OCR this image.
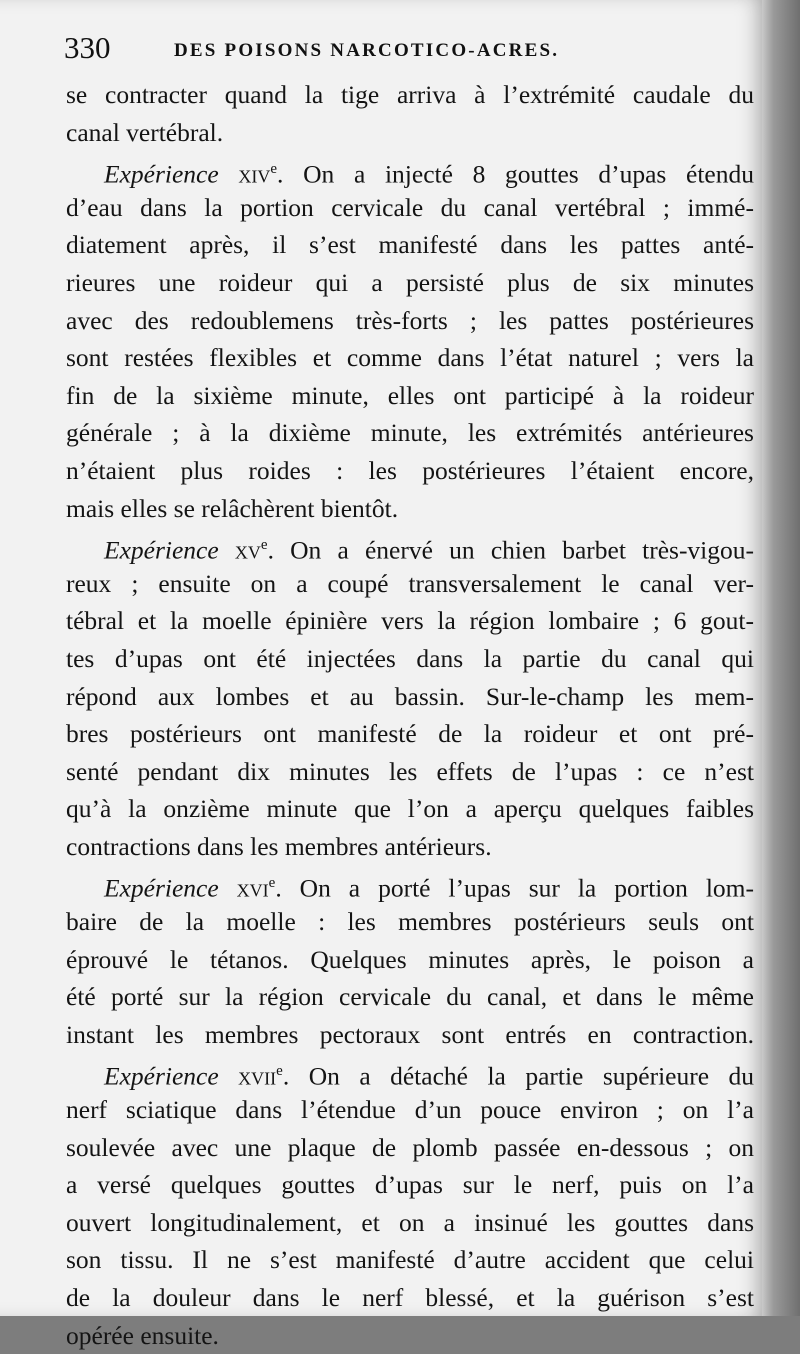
330	DES POISONS NARCOTICO-ACRES.
se contracter quand la tige arriva à l’extrémité caudale du
canal vertébral.
Expérience xiv$^e$. On a injecté 8 gouttes d’upas étendu
d’eau dans la portion cervicale du canal vertébral ; immé-
diatement après, il s’est manifesté dans les pattes anté-
rieures une roideur qui a persisté plus de six minutes
avec des redoublemens très-forts ; les pattes postérieures
sont restées flexibles et comme dans l’état naturel ; vers la
fin de la sixième minute, elles ont participé à la roideur
générale ; à la dixième minute, les extrémités antérieures
n’étaient plus roides : les postérieures l’étaient encore,
mais elles se relâchèrent bientôt.
Expérience $xv^e$. On a énervé un chien barbet très-vigou-
reux ; ensuite on a coupé transversalement le canal ver-
tébral et la moelle épinière vers la région lombaire ; 6 gout-
tes d’upas ont été injectées dans la partie du canal qui
répond aux lombes et au bassin. Sur-le-champ les mem-
bres postérieurs ont manifesté de la roideur et ont pré-
senté pendant dix minutes les effets de l’upas : ce n’est
qu’à la onzième minute que l’on a aperçu quelques faibles
contractions dans les membres antérieurs.
Expérience xvi$^e$. On a porté l’upas sur la portion lom-
baire de la moelle : les membres postérieurs seuls ont
éprouvé le tétanos. Quelques minutes après, le poison a
été porté sur la région cervicale du canal, et dans le même
instant les membres pectoraux sont entrés en contraction.
Expérience xvii$^e$. On a détaché la partie supérieure du
nerf sciatique dans l’étendue d’un pouce environ ; on l’a
soulevée avec une plaque de plomb passée en-dessous ; on
a versé quelques gouttes d’upas sur le nerf, puis on l’a
ouvert longitudinalement, et on a insinué les gouttes dans
son tissu. Il ne s’est manifesté d’autre accident que celui
de la douleur dans le nerf blessé, et la guérison s’est
opérée ensuite.
